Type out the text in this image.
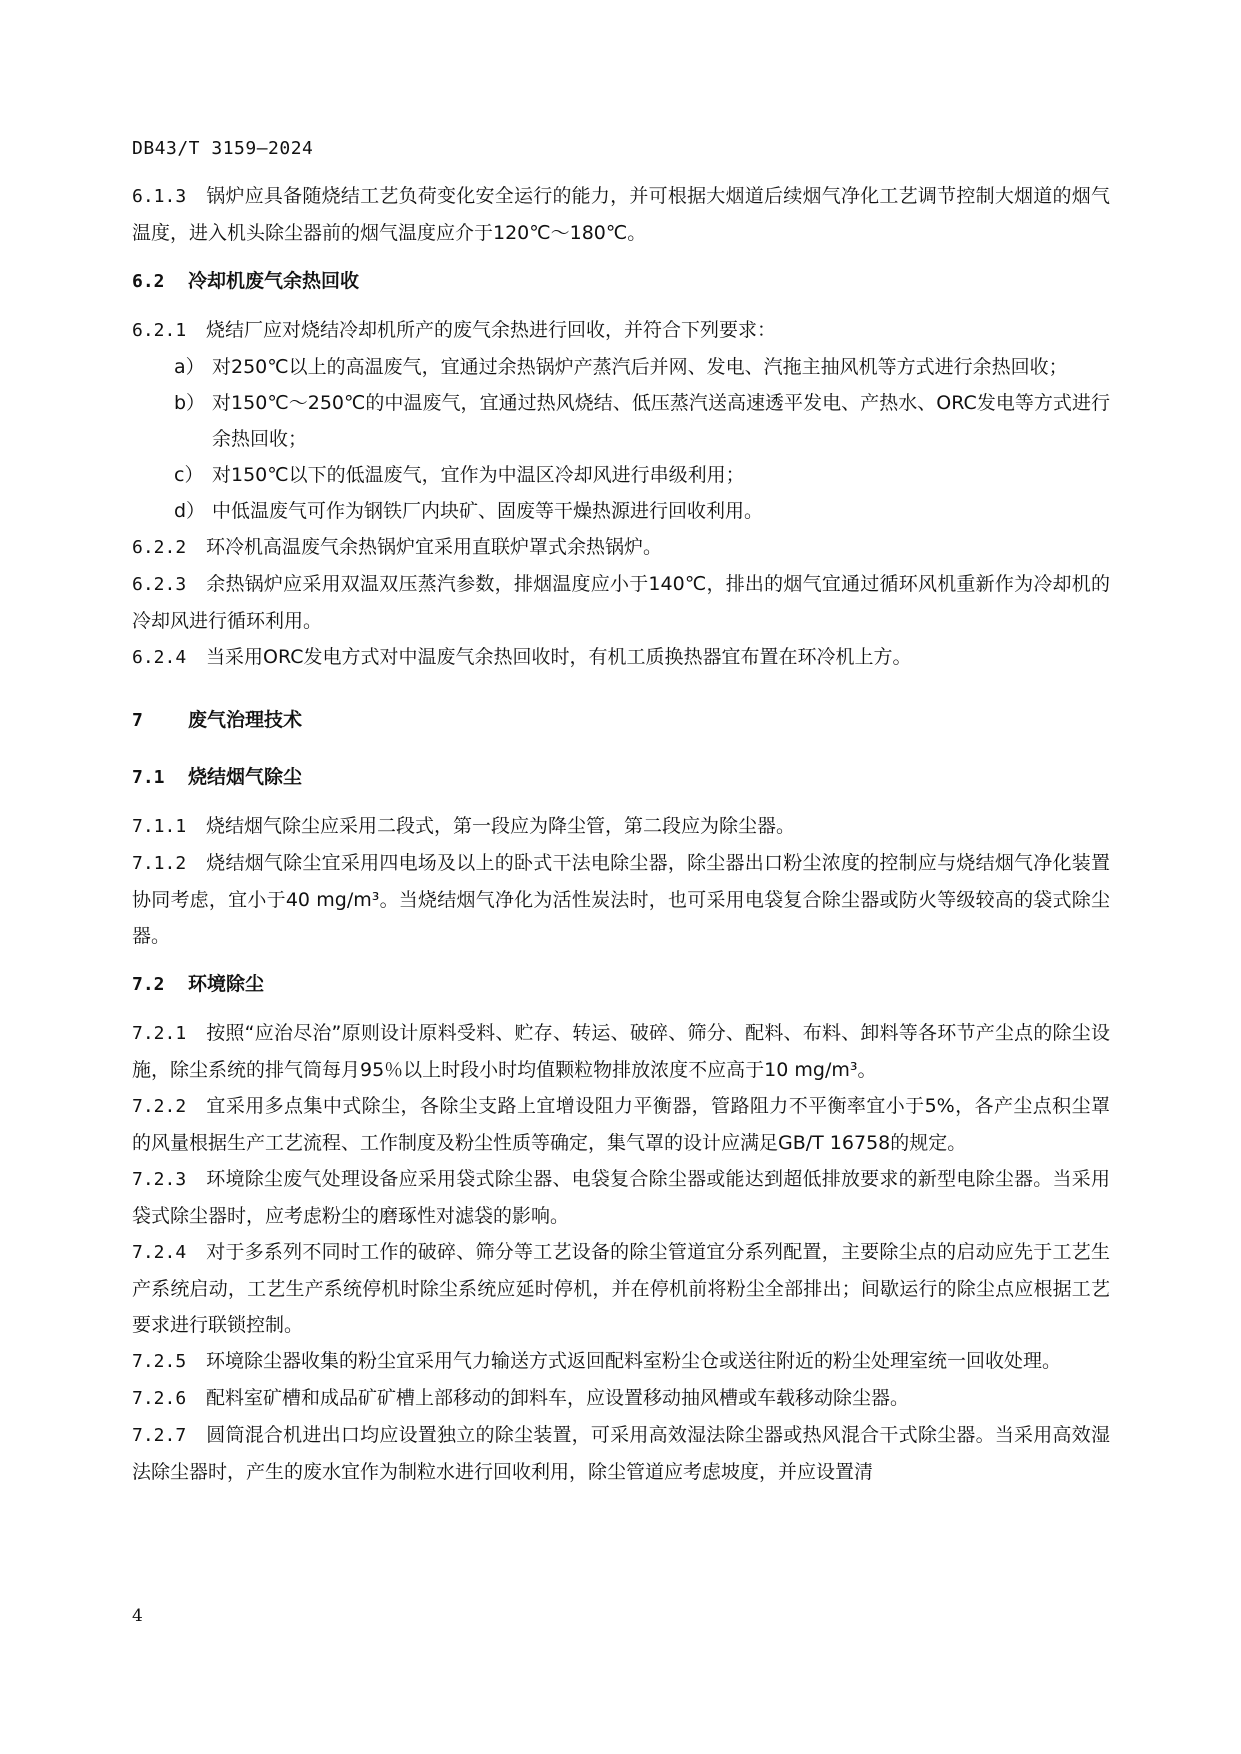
DB43/T 3159—2024

6.1.3 锅炉应具备随烧结工艺负荷变化安全运行的能力，并可根据大烟道后续烟气净化工艺调节控制大烟道的烟气温度，进入机头除尘器前的烟气温度应介于120℃～180℃。

6.2 冷却机废气余热回收

6.2.1 烧结厂应对烧结冷却机所产的废气余热进行回收，并符合下列要求：

a） 对250℃以上的高温废气，宜通过余热锅炉产蒸汽后并网、发电、汽拖主抽风机等方式进行余热回收；
b） 对150℃～250℃的中温废气，宜通过热风烧结、低压蒸汽送高速透平发电、产热水、ORC发电等方式进行余热回收；
c） 对150℃以下的低温废气，宜作为中温区冷却风进行串级利用；
d） 中低温废气可作为钢铁厂内块矿、固废等干燥热源进行回收利用。

6.2.2 环冷机高温废气余热锅炉宜采用直联炉罩式余热锅炉。

6.2.3 余热锅炉应采用双温双压蒸汽参数，排烟温度应小于140℃，排出的烟气宜通过循环风机重新作为冷却机的冷却风进行循环利用。

6.2.4 当采用ORC发电方式对中温废气余热回收时，有机工质换热器宜布置在环冷机上方。

7 废气治理技术
7.1 烧结烟气除尘

7.1.1 烧结烟气除尘应采用二段式，第一段应为降尘管，第二段应为除尘器。

7.1.2 烧结烟气除尘宜采用四电场及以上的卧式干法电除尘器，除尘器出口粉尘浓度的控制应与烧结烟气净化装置协同考虑，宜小于40 mg/m³。当烧结烟气净化为活性炭法时，也可采用电袋复合除尘器或防火等级较高的袋式除尘器。

7.2 环境除尘

7.2.1 按照“应治尽治”原则设计原料受料、贮存、转运、破碎、筛分、配料、布料、卸料等各环节产尘点的除尘设施，除尘系统的排气筒每月95％以上时段小时均值颗粒物排放浓度不应高于10 mg/m³。

7.2.2 宜采用多点集中式除尘，各除尘支路上宜增设阻力平衡器，管路阻力不平衡率宜小于5%，各产尘点积尘罩的风量根据生产工艺流程、工作制度及粉尘性质等确定，集气罩的设计应满足GB/T 16758的规定。

7.2.3 环境除尘废气处理设备应采用袋式除尘器、电袋复合除尘器或能达到超低排放要求的新型电除尘器。当采用袋式除尘器时，应考虑粉尘的磨琢性对滤袋的影响。

7.2.4 对于多系列不同时工作的破碎、筛分等工艺设备的除尘管道宜分系列配置，主要除尘点的启动应先于工艺生产系统启动，工艺生产系统停机时除尘系统应延时停机，并在停机前将粉尘全部排出；间歇运行的除尘点应根据工艺要求进行联锁控制。

7.2.5 环境除尘器收集的粉尘宜采用气力输送方式返回配料室粉尘仓或送往附近的粉尘处理室统一回收处理。

7.2.6 配料室矿槽和成品矿矿槽上部移动的卸料车，应设置移动抽风槽或车载移动除尘器。

7.2.7 圆筒混合机进出口均应设置独立的除尘装置，可采用高效湿法除尘器或热风混合干式除尘器。当采用高效湿法除尘器时，产生的废水宜作为制粒水进行回收利用，除尘管道应考虑坡度，并应设置清

4
